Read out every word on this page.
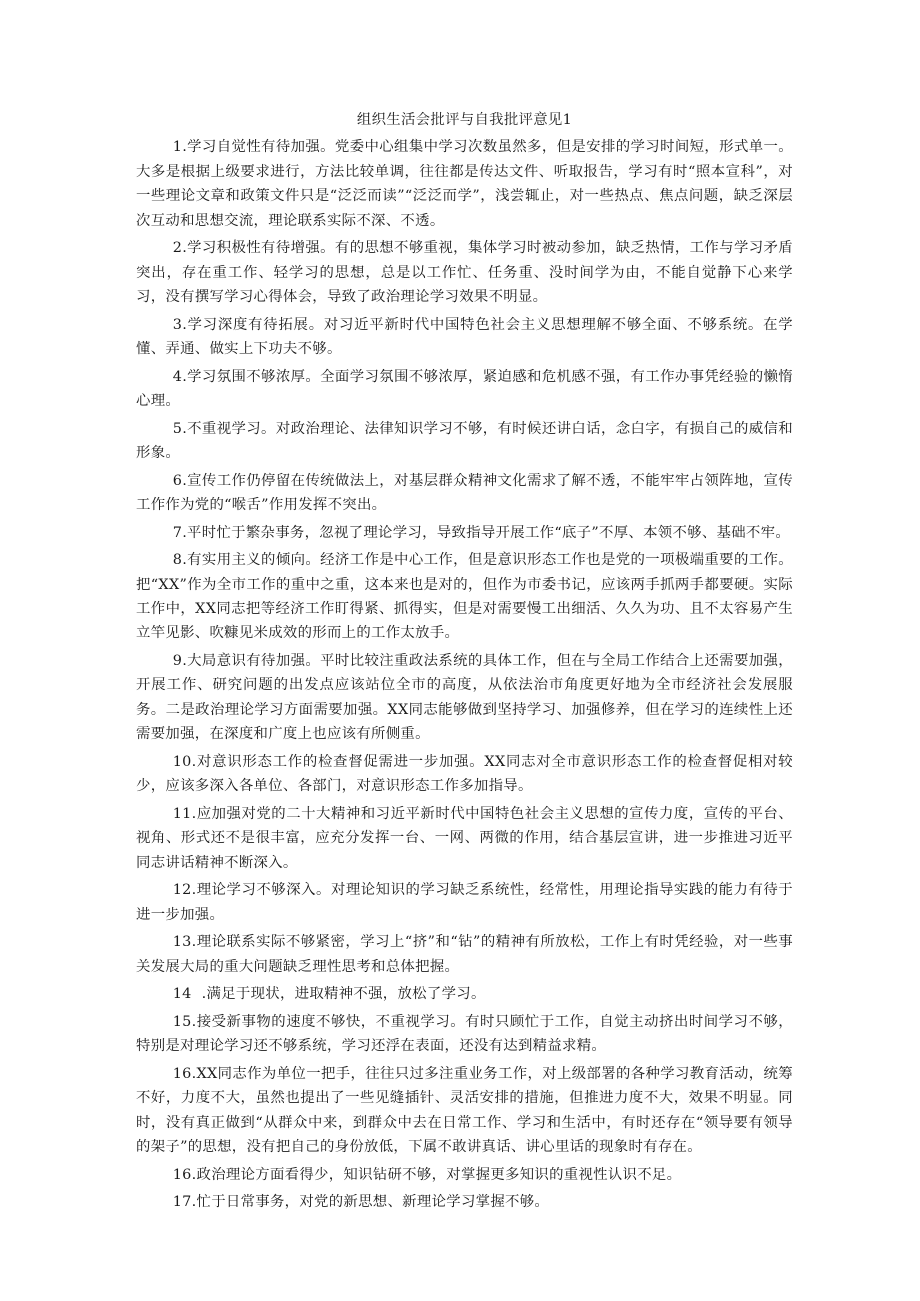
组织生活会批评与自我批评意见1

1.学习自觉性有待加强。党委中心组集中学习次数虽然多，但是安排的学习时间短，形式单一。大多是根据上级要求进行，方法比较单调，往往都是传达文件、听取报告，学习有时“照本宣科”，对一些理论文章和政策文件只是“泛泛而读”“泛泛而学”，浅尝辄止，对一些热点、焦点问题，缺乏深层次互动和思想交流，理论联系实际不深、不透。

2.学习积极性有待增强。有的思想不够重视，集体学习时被动参加，缺乏热情，工作与学习矛盾突出，存在重工作、轻学习的思想，总是以工作忙、任务重、没时间学为由，不能自觉静下心来学习，没有撰写学习心得体会，导致了政治理论学习效果不明显。

3.学习深度有待拓展。对习近平新时代中国特色社会主义思想理解不够全面、不够系统。在学懂、弄通、做实上下功夫不够。

4.学习氛围不够浓厚。全面学习氛围不够浓厚，紧迫感和危机感不强，有工作办事凭经验的懒惰心理。

5.不重视学习。对政治理论、法律知识学习不够，有时候还讲白话，念白字，有损自己的威信和形象。

6.宣传工作仍停留在传统做法上，对基层群众精神文化需求了解不透，不能牢牢占领阵地，宣传工作作为党的“喉舌”作用发挥不突出。

7.平时忙于繁杂事务，忽视了理论学习，导致指导开展工作“底子”不厚、本领不够、基础不牢。

8.有实用主义的倾向。经济工作是中心工作，但是意识形态工作也是党的一项极端重要的工作。把“XX”作为全市工作的重中之重，这本来也是对的，但作为市委书记，应该两手抓两手都要硬。实际工作中，XX同志把等经济工作盯得紧、抓得实，但是对需要慢工出细活、久久为功、且不太容易产生立竿见影、吹糠见米成效的形而上的工作太放手。

9.大局意识有待加强。平时比较注重政法系统的具体工作，但在与全局工作结合上还需要加强，开展工作、研究问题的出发点应该站位全市的高度，从依法治市角度更好地为全市经济社会发展服务。二是政治理论学习方面需要加强。XX同志能够做到坚持学习、加强修养，但在学习的连续性上还需要加强，在深度和广度上也应该有所侧重。

10.对意识形态工作的检查督促需进一步加强。XX同志对全市意识形态工作的检查督促相对较少，应该多深入各单位、各部门，对意识形态工作多加指导。

11.应加强对党的二十大精神和习近平新时代中国特色社会主义思想的宣传力度，宣传的平台、视角、形式还不是很丰富，应充分发挥一台、一网、两微的作用，结合基层宣讲，进一步推进习近平同志讲话精神不断深入。

12.理论学习不够深入。对理论知识的学习缺乏系统性，经常性，用理论指导实践的能力有待于进一步加强。

13.理论联系实际不够紧密，学习上“挤”和“钻”的精神有所放松，工作上有时凭经验，对一些事关发展大局的重大问题缺乏理性思考和总体把握。

14 .满足于现状，进取精神不强，放松了学习。

15.接受新事物的速度不够快，不重视学习。有时只顾忙于工作，自觉主动挤出时间学习不够，特别是对理论学习还不够系统，学习还浮在表面，还没有达到精益求精。

16.XX同志作为单位一把手，往往只过多注重业务工作，对上级部署的各种学习教育活动，统筹不好，力度不大，虽然也提出了一些见缝插针、灵活安排的措施，但推进力度不大，效果不明显。同时，没有真正做到“从群众中来，到群众中去在日常工作、学习和生活中，有时还存在“领导要有领导的架子”的思想，没有把自己的身份放低，下属不敢讲真话、讲心里话的现象时有存在。

16.政治理论方面看得少，知识钻研不够，对掌握更多知识的重视性认识不足。

17.忙于日常事务，对党的新思想、新理论学习掌握不够。
